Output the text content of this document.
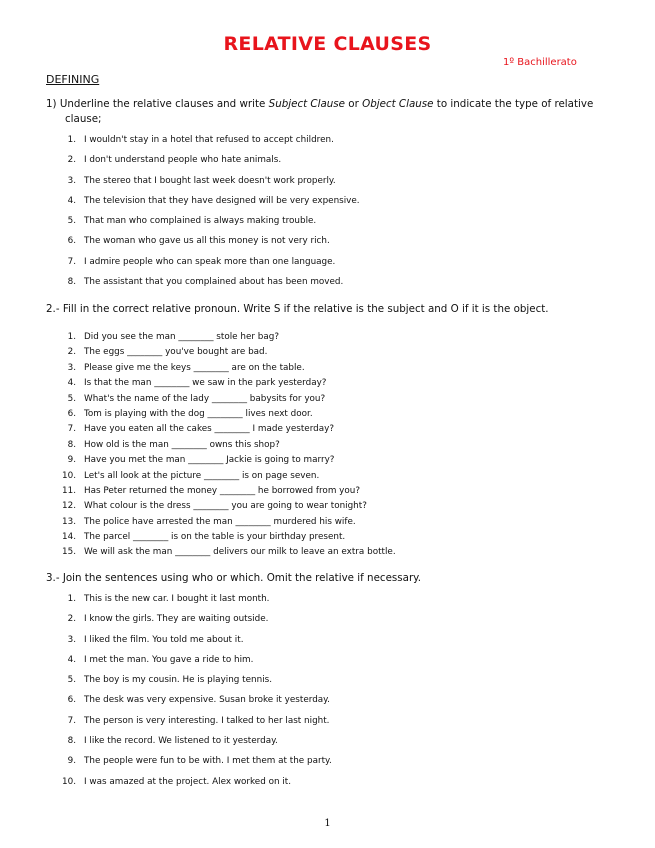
RELATIVE CLAUSES
1º Bachillerato
DEFINING
1) Underline the relative clauses and write Subject Clause or Object Clause to indicate the type of relative
clause;
1. I wouldn't stay in a hotel that refused to accept children.
2. I don't understand people who hate animals.
3. The stereo that I bought last week doesn't work properly.
4. The television that they have designed will be very expensive.
5. That man who complained is always making trouble.
6. The woman who gave us all this money is not very rich.
7. I admire people who can speak more than one language.
8. The assistant that you complained about has been moved.
2.- Fill in the correct relative pronoun. Write S if the relative is the subject and O if it is the object.
1. Did you see the man ________ stole her bag?
2. The eggs ________ you've bought are bad.
3. Please give me the keys ________ are on the table.
4. Is that the man ________ we saw in the park yesterday?
5. What's the name of the lady ________ babysits for you?
6. Tom is playing with the dog ________ lives next door.
7. Have you eaten all the cakes ________ I made yesterday?
8. How old is the man ________ owns this shop?
9. Have you met the man ________ Jackie is going to marry?
10. Let's all look at the picture ________ is on page seven.
11. Has Peter returned the money ________ he borrowed from you?
12. What colour is the dress ________ you are going to wear tonight?
13. The police have arrested the man ________ murdered his wife.
14. The parcel ________ is on the table is your birthday present.
15. We will ask the man ________ delivers our milk to leave an extra bottle.
3.- Join the sentences using who or which. Omit the relative if necessary.
1. This is the new car. I bought it last month.
2. I know the girls. They are waiting outside.
3. I liked the film. You told me about it.
4. I met the man. You gave a ride to him.
5. The boy is my cousin. He is playing tennis.
6. The desk was very expensive. Susan broke it yesterday.
7. The person is very interesting. I talked to her last night.
8. I like the record. We listened to it yesterday.
9. The people were fun to be with. I met them at the party.
10. I was amazed at the project. Alex worked on it.
1
